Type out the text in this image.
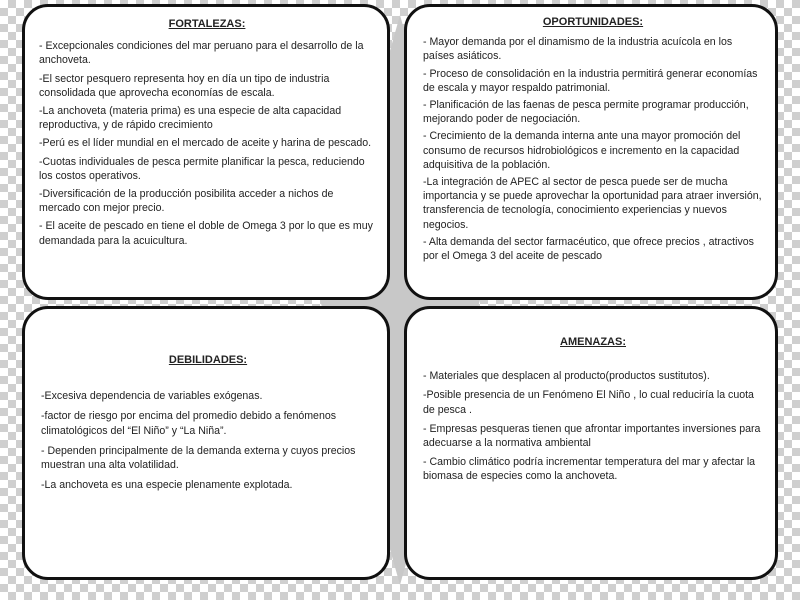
FORTALEZAS:

- Excepcionales condiciones del mar peruano para el desarrollo de la anchoveta.

-El sector pesquero representa hoy en día un tipo de industria consolidada que aprovecha economías de escala.

-La anchoveta (materia prima) es una especie de alta capacidad reproductiva, y de rápido crecimiento

-Perú es el líder mundial en el mercado de aceite y harina de pescado.

-Cuotas individuales de pesca permite planificar la pesca, reduciendo los costos operativos.

-Diversificación de la producción posibilita acceder a nichos de mercado con mejor precio.

- El aceite de pescado en tiene el doble de Omega 3 por lo que es muy demandada para la acuicultura.

OPORTUNIDADES:

- Mayor demanda por el dinamismo de la industria acuícola en los países asiáticos.

- Proceso de consolidación en la industria permitirá generar economías de escala y mayor respaldo patrimonial.

- Planificación de las faenas de pesca permite programar producción, mejorando poder de negociación.

- Crecimiento de la demanda interna ante una mayor promoción del consumo de recursos hidrobiológicos e incremento en la capacidad adquisitiva de la población.

-La integración de APEC al sector de pesca puede ser de mucha importancia y se puede aprovechar la oportunidad para atraer inversión, transferencia de tecnología, conocimiento experiencias y nuevos negocios.

- Alta demanda del sector farmacéutico, que ofrece precios , atractivos por el Omega 3 del aceite de pescado

DEBILIDADES:

-Excesiva dependencia de variables exógenas.

-factor de riesgo por encima del promedio debido a fenómenos climatológicos del “El Niño” y “La Niña”.

- Dependen principalmente de la demanda externa y cuyos precios muestran una alta volatilidad.

-La anchoveta es una especie plenamente explotada.

AMENAZAS:

- Materiales que desplacen al producto(productos sustitutos).

-Posible presencia de un Fenómeno El Niño , lo cual reduciría la cuota de pesca .

- Empresas pesqueras tienen que afrontar importantes inversiones para adecuarse a la normativa ambiental

- Cambio climático podría incrementar temperatura del mar y afectar la biomasa de especies como la anchoveta.
